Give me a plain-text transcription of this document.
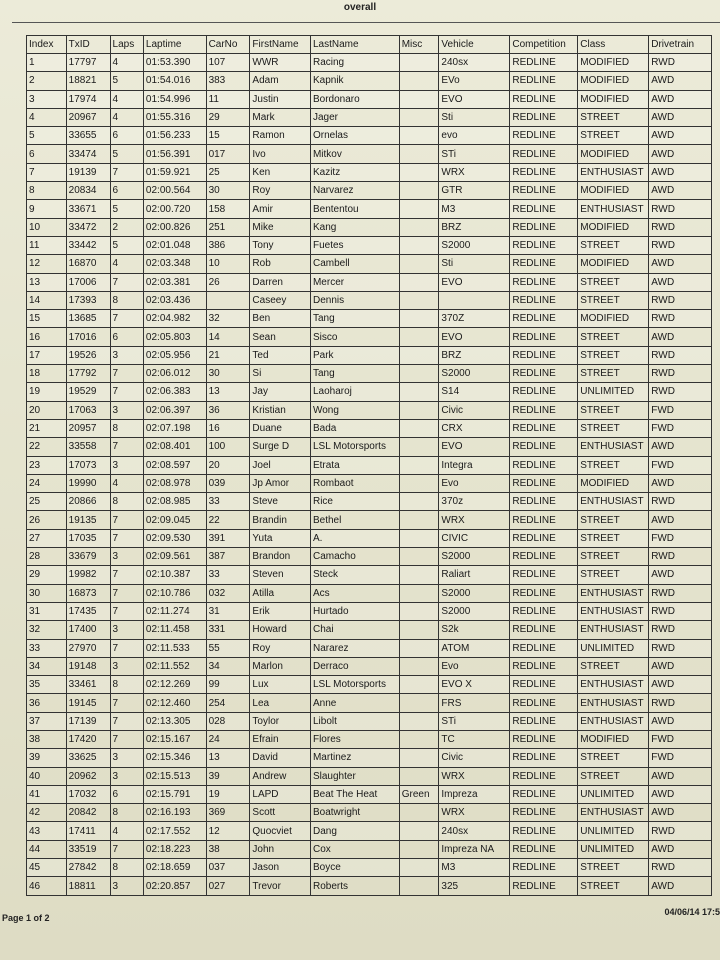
overall
Index	TxID	Laps	Laptime	CarNo	FirstName	LastName	Misc	Vehicle	Competition	Class	Drivetrain
1	17797	4	01:53.390	107	WWR	Racing		240sx	REDLINE	MODIFIED	RWD
2	18821	5	01:54.016	383	Adam	Kapnik		EVo	REDLINE	MODIFIED	AWD
3	17974	4	01:54.996	11	Justin	Bordonaro		EVO	REDLINE	MODIFIED	AWD
4	20967	4	01:55.316	29	Mark	Jager		Sti	REDLINE	STREET	AWD
5	33655	6	01:56.233	15	Ramon	Ornelas		evo	REDLINE	STREET	AWD
6	33474	5	01:56.391	017	Ivo	Mitkov		STi	REDLINE	MODIFIED	AWD
7	19139	7	01:59.921	25	Ken	Kazitz		WRX	REDLINE	ENTHUSIAST	AWD
8	20834	6	02:00.564	30	Roy	Narvarez		GTR	REDLINE	MODIFIED	AWD
9	33671	5	02:00.720	158	Amir	Bententou		M3	REDLINE	ENTHUSIAST	RWD
10	33472	2	02:00.826	251	Mike	Kang		BRZ	REDLINE	MODIFIED	RWD
11	33442	5	02:01.048	386	Tony	Fuetes		S2000	REDLINE	STREET	RWD
12	16870	4	02:03.348	10	Rob	Cambell		Sti	REDLINE	MODIFIED	AWD
13	17006	7	02:03.381	26	Darren	Mercer		EVO	REDLINE	STREET	AWD
14	17393	8	02:03.436		Caseey	Dennis			REDLINE	STREET	RWD
15	13685	7	02:04.982	32	Ben	Tang		370Z	REDLINE	MODIFIED	RWD
16	17016	6	02:05.803	14	Sean	Sisco		EVO	REDLINE	STREET	AWD
17	19526	3	02:05.956	21	Ted	Park		BRZ	REDLINE	STREET	RWD
18	17792	7	02:06.012	30	Si	Tang		S2000	REDLINE	STREET	RWD
19	19529	7	02:06.383	13	Jay	Laoharoj		S14	REDLINE	UNLIMITED	RWD
20	17063	3	02:06.397	36	Kristian	Wong		Civic	REDLINE	STREET	FWD
21	20957	8	02:07.198	16	Duane	Bada		CRX	REDLINE	STREET	FWD
22	33558	7	02:08.401	100	Surge D	LSL Motorsports		EVO	REDLINE	ENTHUSIAST	AWD
23	17073	3	02:08.597	20	Joel	Etrata		Integra	REDLINE	STREET	FWD
24	19990	4	02:08.978	039	Jp Amor	Rombaot		Evo	REDLINE	MODIFIED	AWD
25	20866	8	02:08.985	33	Steve	Rice		370z	REDLINE	ENTHUSIAST	RWD
26	19135	7	02:09.045	22	Brandin	Bethel		WRX	REDLINE	STREET	AWD
27	17035	7	02:09.530	391	Yuta	A.		CIVIC	REDLINE	STREET	FWD
28	33679	3	02:09.561	387	Brandon	Camacho		S2000	REDLINE	STREET	RWD
29	19982	7	02:10.387	33	Steven	Steck		Raliart	REDLINE	STREET	AWD
30	16873	7	02:10.786	032	Atilla	Acs		S2000	REDLINE	ENTHUSIAST	RWD
31	17435	7	02:11.274	31	Erik	Hurtado		S2000	REDLINE	ENTHUSIAST	RWD
32	17400	3	02:11.458	331	Howard	Chai		S2k	REDLINE	ENTHUSIAST	RWD
33	27970	7	02:11.533	55	Roy	Nararez		ATOM	REDLINE	UNLIMITED	RWD
34	19148	3	02:11.552	34	Marlon	Derraco		Evo	REDLINE	STREET	AWD
35	33461	8	02:12.269	99	Lux	LSL Motorsports		EVO X	REDLINE	ENTHUSIAST	AWD
36	19145	7	02:12.460	254	Lea	Anne		FRS	REDLINE	ENTHUSIAST	RWD
37	17139	7	02:13.305	028	Toylor	Libolt		STi	REDLINE	ENTHUSIAST	AWD
38	17420	7	02:15.167	24	Efrain	Flores		TC	REDLINE	MODIFIED	FWD
39	33625	3	02:15.346	13	David	Martinez		Civic	REDLINE	STREET	FWD
40	20962	3	02:15.513	39	Andrew	Slaughter		WRX	REDLINE	STREET	AWD
41	17032	6	02:15.791	19	LAPD	Beat The Heat	Green	Impreza	REDLINE	UNLIMITED	AWD
42	20842	8	02:16.193	369	Scott	Boatwright		WRX	REDLINE	ENTHUSIAST	AWD
43	17411	4	02:17.552	12	Quocviet	Dang		240sx	REDLINE	UNLIMITED	RWD
44	33519	7	02:18.223	38	John	Cox		Impreza NA	REDLINE	UNLIMITED	AWD
45	27842	8	02:18.659	037	Jason	Boyce		M3	REDLINE	STREET	RWD
46	18811	3	02:20.857	027	Trevor	Roberts		325	REDLINE	STREET	AWD
Page 1 of 2
04/06/14 17:5
